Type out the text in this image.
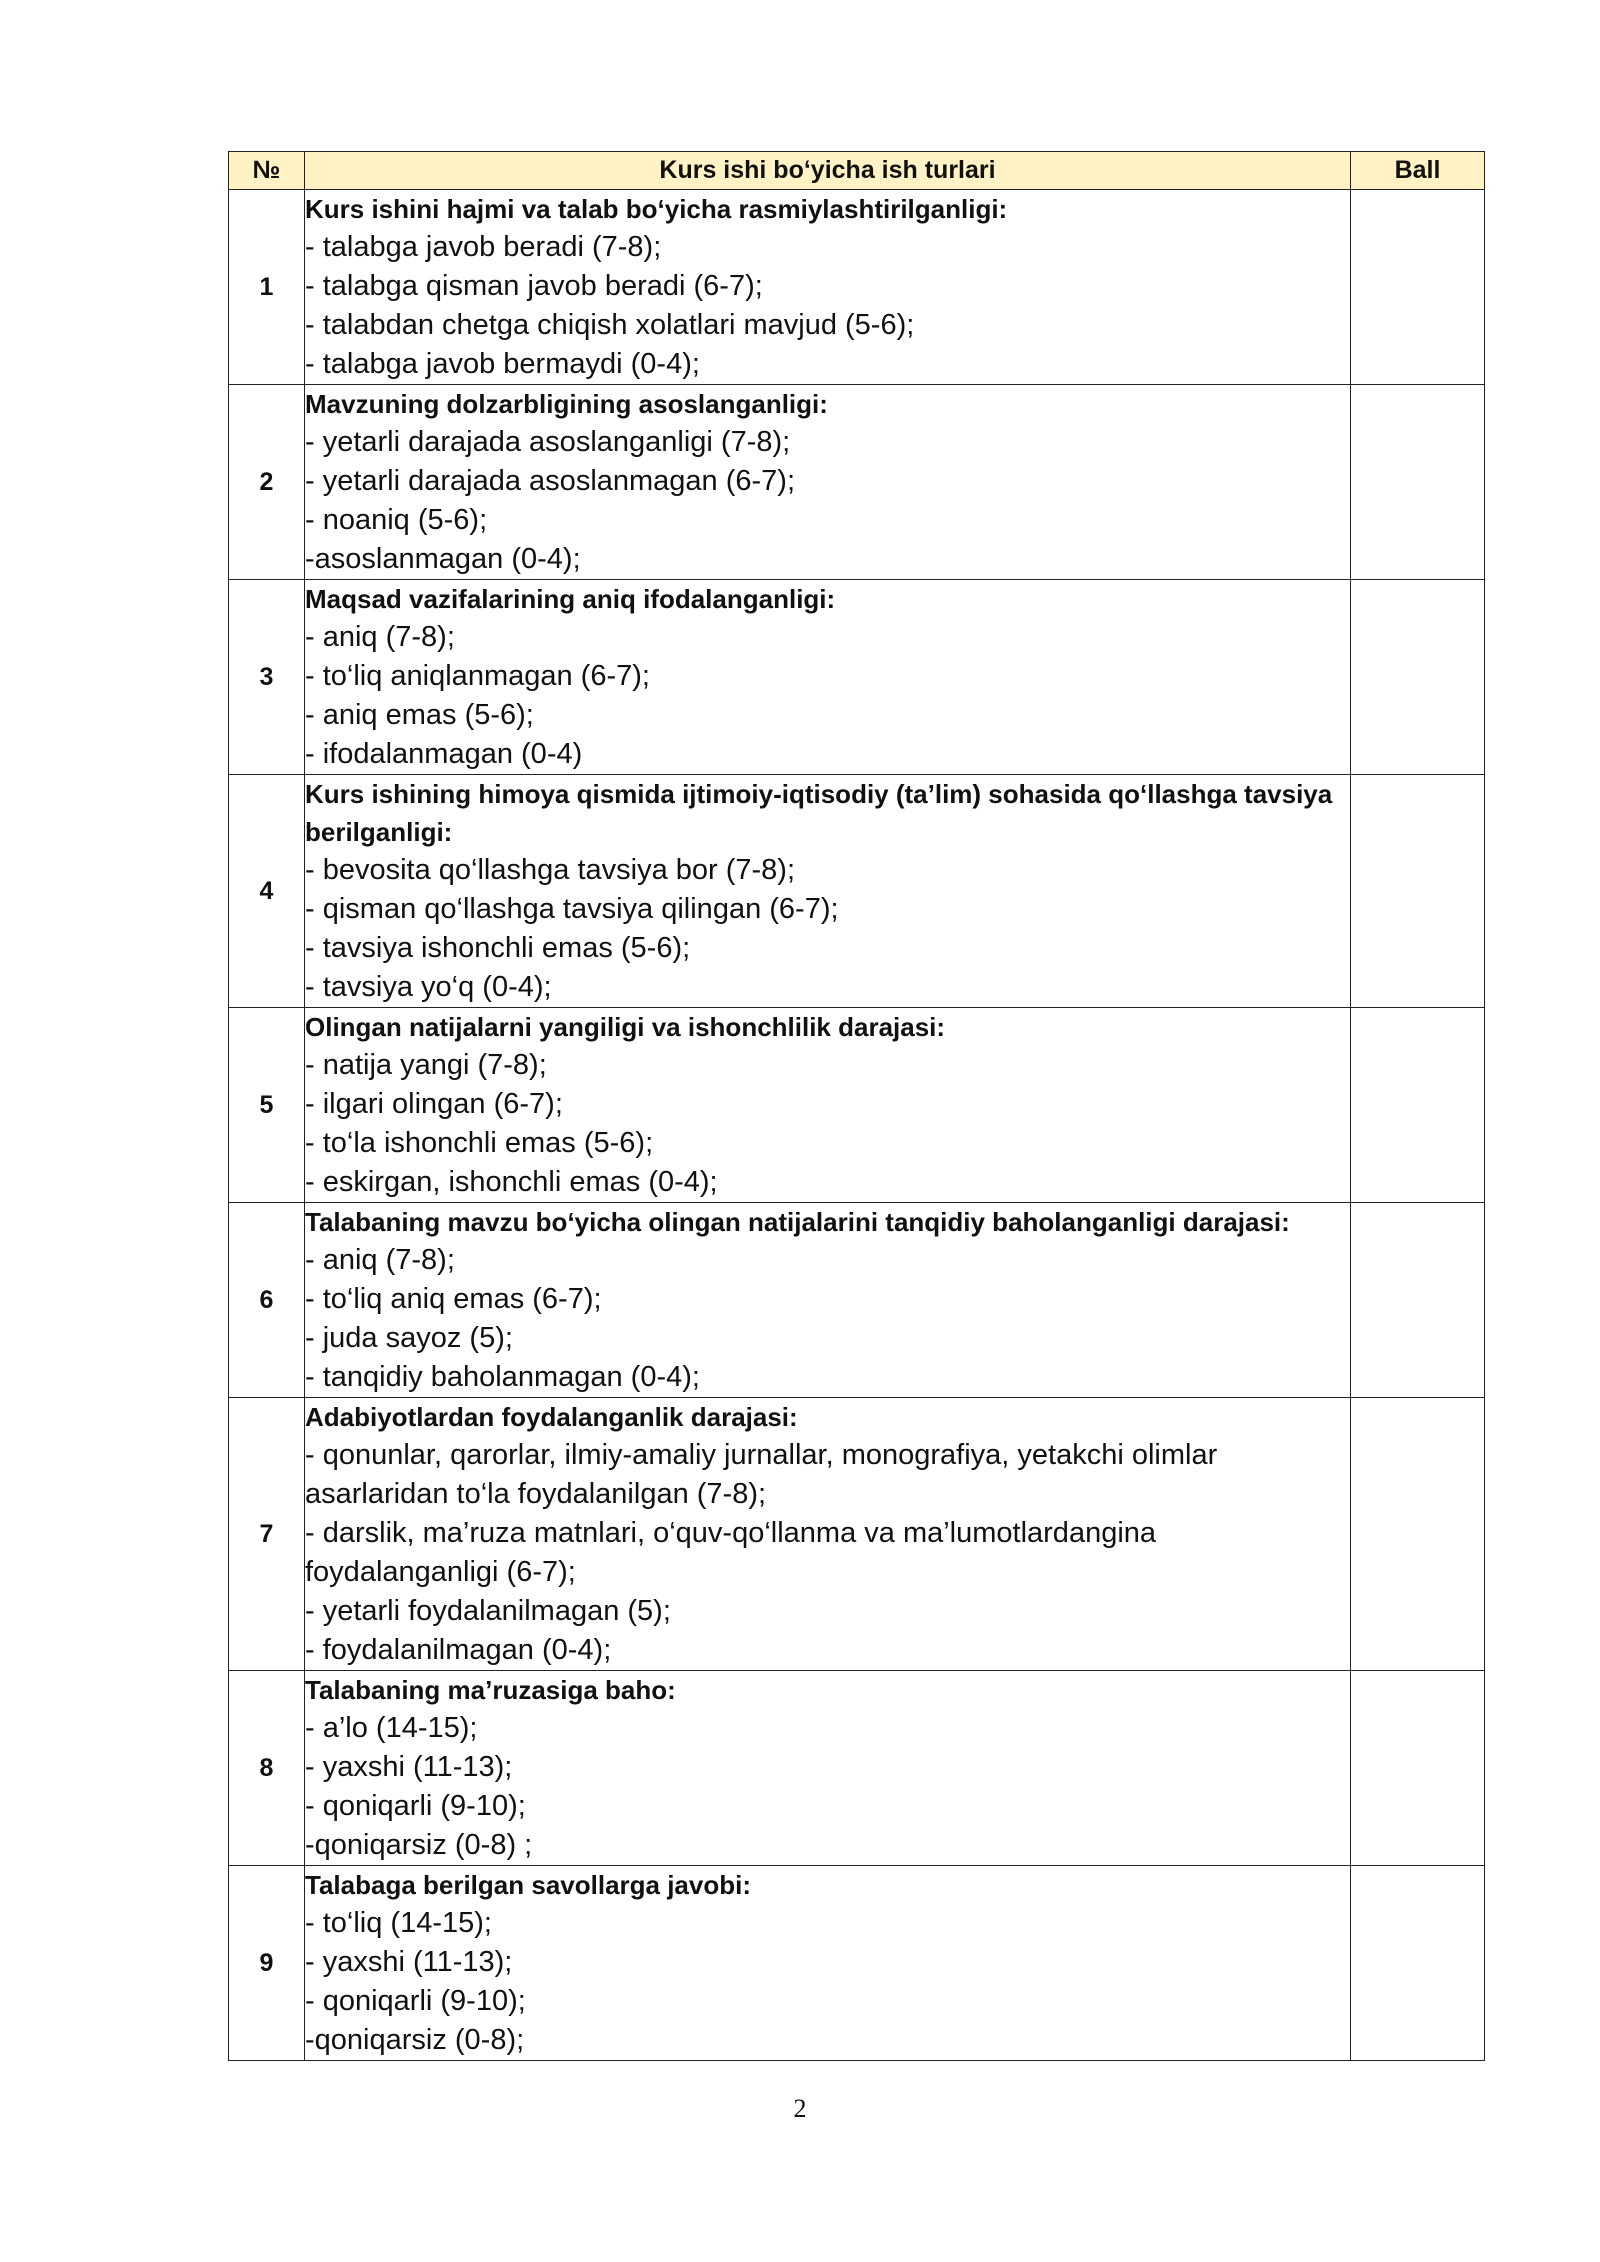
№	Kurs ishi bo‘yicha ish turlari	Ball
1	Kurs ishini hajmi va talab bo‘yicha rasmiylashtirilganligi:
- talabga javob beradi (7-8);
- talabga qisman javob beradi (6-7);
- talabdan chetga chiqish xolatlari mavjud (5-6);
- talabga javob bermaydi (0-4);	

2	Mavzuning dolzarbligining asoslanganligi:
- yetarli darajada asoslanganligi (7-8);
- yetarli darajada asoslanmagan (6-7);
- noaniq (5-6);
-asoslanmagan (0-4);	

3	Maqsad vazifalarining aniq ifodalanganligi:
- aniq (7-8);
- to‘liq aniqlanmagan (6-7);
- aniq emas (5-6);
- ifodalanmagan (0-4)	

4	Kurs ishining himoya qismida ijtimoiy-iqtisodiy (ta’lim) sohasida qo‘llashga tavsiya berilganligi:
- bevosita qo‘llashga tavsiya bor (7-8);
- qisman qo‘llashga tavsiya qilingan (6-7);
- tavsiya ishonchli emas (5-6);
- tavsiya yo‘q (0-4);	

5	Olingan natijalarni yangiligi va ishonchlilik darajasi:
- natija yangi (7-8);
- ilgari olingan (6-7);
- to‘la ishonchli emas (5-6);
- eskirgan, ishonchli emas (0-4);	

6	Talabaning mavzu bo‘yicha olingan natijalarini tanqidiy baholanganligi darajasi:
- aniq (7-8);
- to‘liq aniq emas (6-7);
- juda sayoz (5);
- tanqidiy baholanmagan (0-4);	

7	Adabiyotlardan foydalanganlik darajasi:
- qonunlar, qarorlar, ilmiy-amaliy jurnallar, monografiya, yetakchi olimlar asarlaridan to‘la foydalanilgan (7-8);
- darslik, ma’ruza matnlari, o‘quv-qo‘llanma va ma’lumotlardangina foydalanganligi (6-7);
- yetarli foydalanilmagan (5);
- foydalanilmagan (0-4);	

8	Talabaning ma’ruzasiga baho:
- a’lo (14-15);
- yaxshi (11-13);
- qoniqarli (9-10);
-qoniqarsiz (0-8) ;	

9	Talabaga berilgan savollarga javobi:
- to‘liq (14-15);
- yaxshi (11-13);
- qoniqarli (9-10);
-qoniqarsiz (0-8);	

2
